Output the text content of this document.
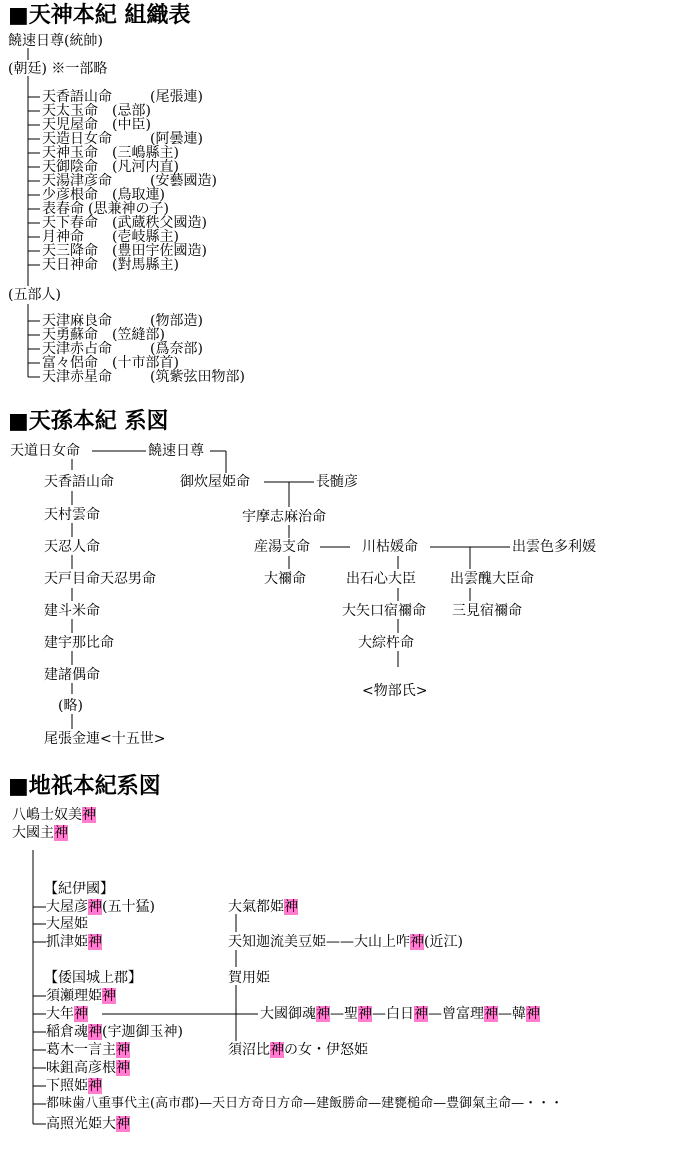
■天神本紀 組織表
饒速日尊(統帥)
(朝廷) ※一部略
天香語山命	(尾張連)
天太玉命 (忌部)
天児屋命 (中臣)
天造日女命	(阿曇連)
天神玉命 (三嶋縣主)
天御陰命 (凡河内直)
天湯津彦命	(安藝國造)
少彦根命 (鳥取連)
表春命 (思兼神の子)
天下春命 (武蔵秩父國造)
月神命 (壱岐縣主)
天三降命 (豊田宇佐國造)
天日神命 (對馬縣主)
(五部人)
天津麻良命	(物部造)
天勇蘇命 (笠縫部)
天津赤占命	(爲奈部)
富々侶命 (十市部首)
天津赤星命	(筑紫弦田物部)
■天孫本紀 系図
天道日女命	饒速日尊
天香語山命
天村雲命
天忍人命
天戸目命天忍男命
建斗米命
建宇那比命
建諸偶命
(略)
尾張金連<十五世>
御炊屋姫命	長髄彦
宇摩志麻治命
産湯支命	川枯媛命	出雲色多利媛
大禰命	出石心大臣 出雲醜大臣命
大矢口宿禰命 三見宿禰命
大綜杵命
<物部氏>
■地祇本紀系図
八嶋士奴美神
大國主神
【紀伊國】
大屋彦神(五十猛)
大屋姫
抓津姫神
【倭国城上郡】
須瀬理姫神
大年神
稲倉魂神(宇迦御玉神)
葛木一言主神
味鉏高彦根神
下照姫神
都味歯八重事代主(高市郡)—天日方奇日方命—建飯勝命—建甕槌命—豊御氣主命—・・・
高照光姫大神
大氣都姫神
天知迦流美豆姫——大山上咋神(近江)
賀用姫
大國御魂神—聖神—白日神—曾富理神—韓神
須沼比神の女・伊怒姫
